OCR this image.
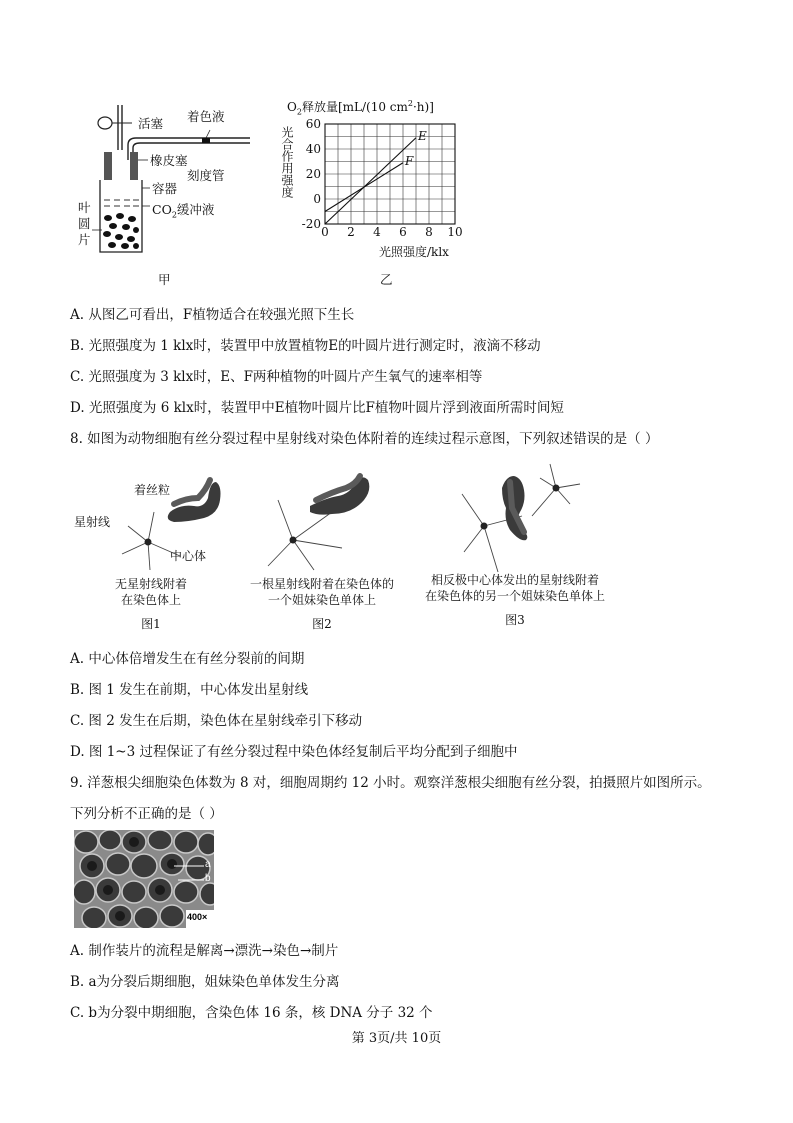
活塞 着色液
橡皮塞
刻度管
容器
$CO_2$缓冲液
叶
圆
片
甲
$O_2$释放量[mL/(10 $cm^2\cdot h$)]
光合作用强度
0 2 4 6 8 10
60
40
20
0
-20
E
F
光照强度/klx
乙
A. 从图乙可看出，F植物适合在较强光照下生长
B. 光照强度为 1 klx时，装置甲中放置植物E的叶圆片进行测定时，液滴不移动
C. 光照强度为 3 klx时，E、F两种植物的叶圆片产生氧气的速率相等
D. 光照强度为 6 klx时，装置甲中E植物叶圆片比F植物叶圆片浮到液面所需时间短
8. 如图为动物细胞有丝分裂过程中星射线对染色体附着的连续过程示意图，下列叙述错误的是（ ）
着丝粒
星射线
中心体
无星射线附着
在染色体上
图1
一根星射线附着在染色体的
一个姐妹染色单体上
图2
相反极中心体发出的星射线附着
在染色体的另一个姐妹染色单体上
图3
A. 中心体倍增发生在有丝分裂前的间期
B. 图 1 发生在前期，中心体发出星射线
C. 图 2 发生在后期，染色体在星射线牵引下移动
D. 图 1~3 过程保证了有丝分裂过程中染色体经复制后平均分配到子细胞中
9. 洋葱根尖细胞染色体数为 8 对，细胞周期约 12 小时。观察洋葱根尖细胞有丝分裂，拍摄照片如图所示。
下列分析不正确的是（ ）
a
b
400×
A. 制作装片的流程是解离→漂洗→染色→制片
B. a为分裂后期细胞，姐妹染色单体发生分离
C. b为分裂中期细胞，含染色体 16 条，核 DNA 分子 32 个
第 3页/共 10页
